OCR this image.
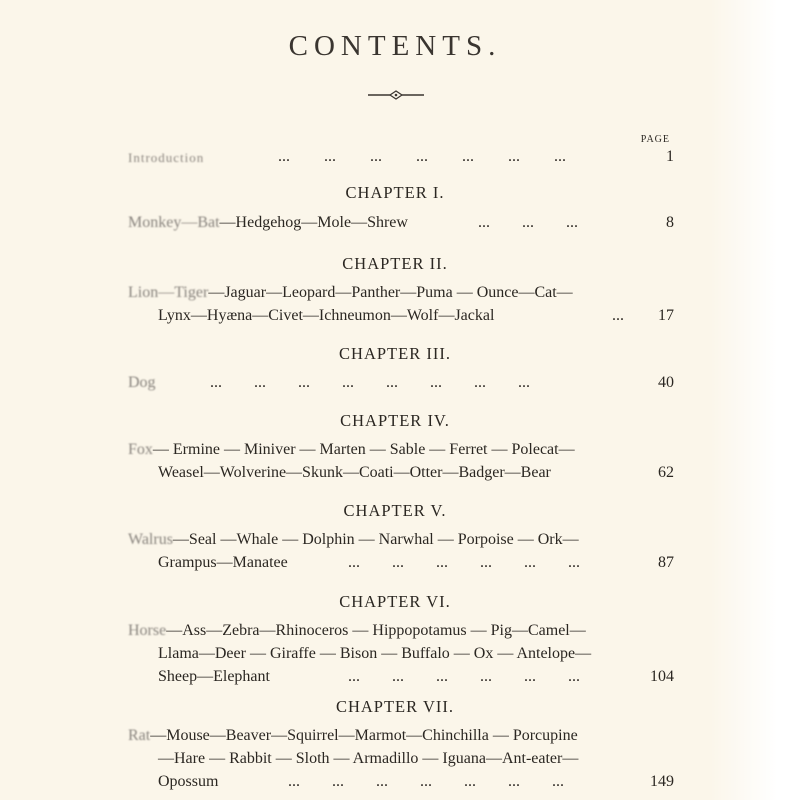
CONTENTS.
PAGE
Introduction	... ... ... ... ... ... ...	1
CHAPTER I.
Monkey—Bat—Hedgehog—Mole—Shrew	... ... ...	8
CHAPTER II.
Lion—Tiger—Jaguar—Leopard—Panther—Puma — Ounce—Cat—
Lynx—Hyæna—Civet—Ichneumon—Wolf—Jackal	... 17
CHAPTER III.
Dog	... ... ... ... ... ... ... ...	40
CHAPTER IV.
Fox— Ermine — Miniver — Marten — Sable — Ferret — Polecat—
Weasel—Wolverine—Skunk—Coati—Otter—Badger—Bear	62
CHAPTER V.
Walrus—Seal —Whale — Dolphin — Narwhal — Porpoise — Ork—
Grampus—Manatee	... ... ... ... ... ...	87
CHAPTER VI.
Horse—Ass—Zebra—Rhinoceros — Hippopotamus — Pig—Camel—
Llama—Deer — Giraffe — Bison — Buffalo — Ox — Antelope—
Sheep—Elephant	... ... ... ... ... ...	104
CHAPTER VII.
Rat—Mouse—Beaver—Squirrel—Marmot—Chinchilla — Porcupine
—Hare — Rabbit — Sloth — Armadillo — Iguana—Ant-eater—
Opossum	... ... ... ... ... ... ...	149
